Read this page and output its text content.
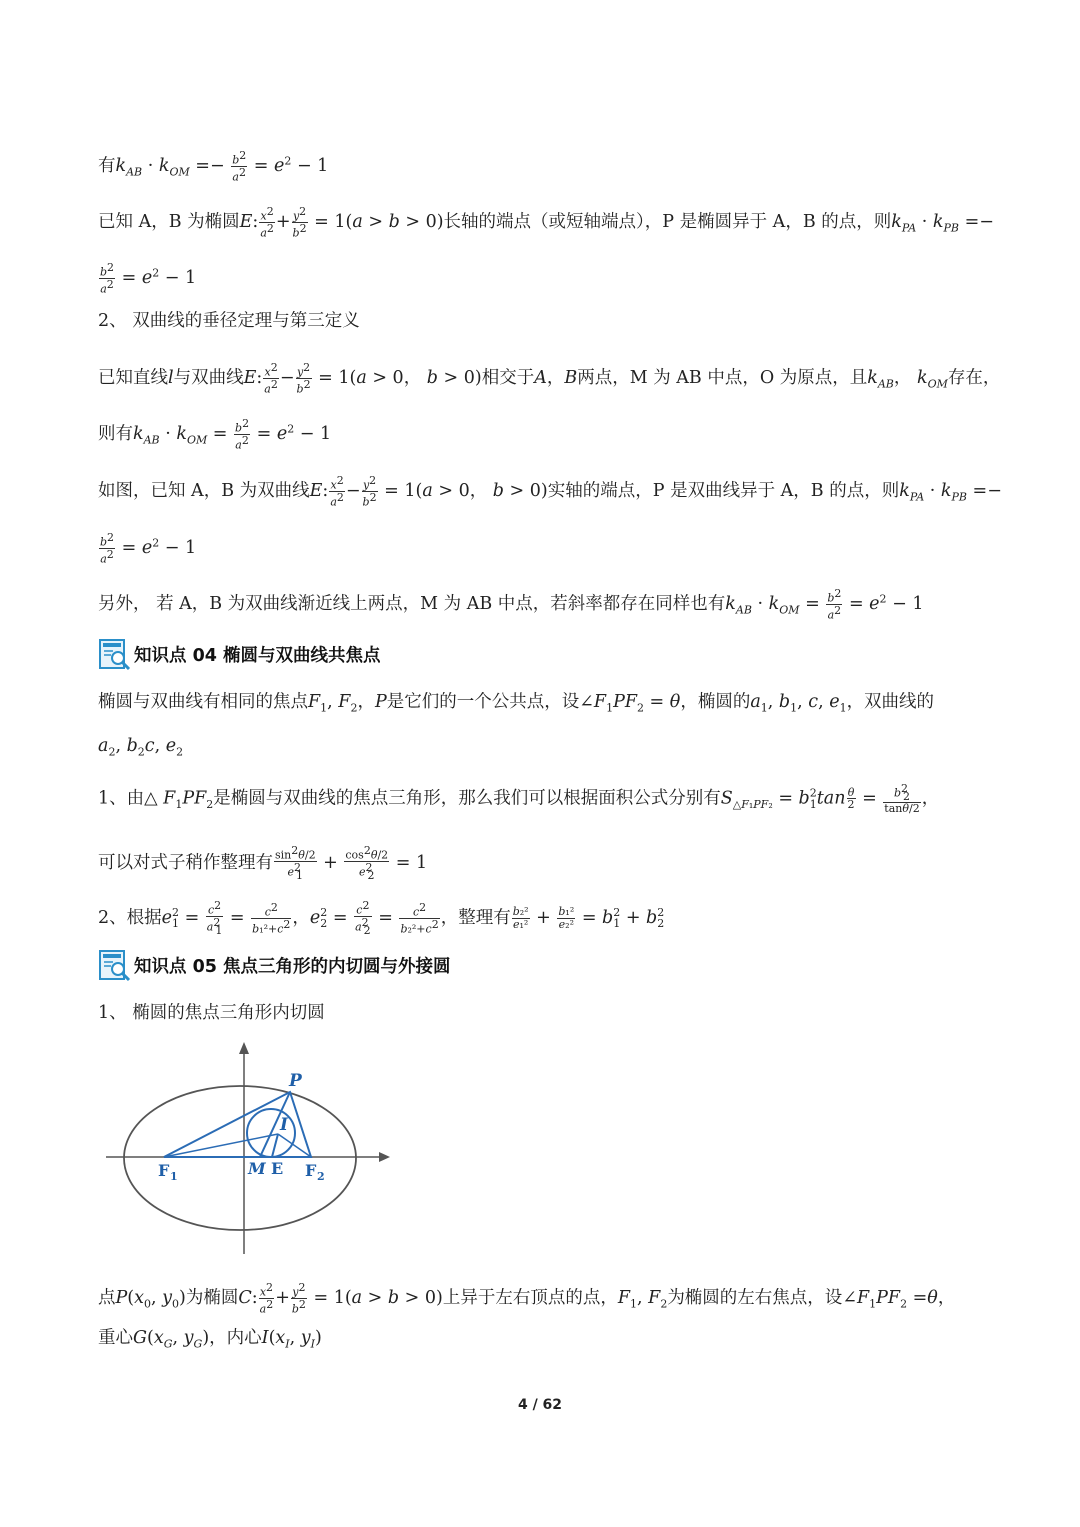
有$k_{AB} \cdot k_{OM} =- \frac{b^2}{a^2} = e^2 - 1$
已知 A，B 为椭圆E: $\frac{x^2}{a^2} + \frac{y^2}{b^2} = 1(a > b > 0)$长轴的端点（或短轴端点），P 是椭圆异于 A，B 的点，则$k_{PA} \cdot k_{PB}$ =−
$\frac{b^2}{a^2} = e^2 - 1$
2、 双曲线的垂径定理与第三定义
已知直线l与双曲线E: $\frac{x^2}{a^2} - \frac{y^2}{b^2} = 1(a > 0$， b > 0)相交于A，B两点，M 为 AB 中点，O 为原点，且$k_{AB}$， $k_{OM}$存在，
则有$k_{AB} \cdot k_{OM} = \frac{b^2}{a^2} = e^2 - 1$
如图，已知 A，B 为双曲线E: $\frac{x^2}{a^2} - \frac{y^2}{b^2} = 1(a > 0$， b > 0)实轴的端点，P 是双曲线异于 A，B 的点，则$k_{PA} \cdot k_{PB}$ =−
$\frac{b^2}{a^2} = e^2 - 1$
另外， 若 A，B 为双曲线渐近线上两点，M 为 AB 中点，若斜率都存在同样也有$k_{AB} \cdot k_{OM} = \frac{b^2}{a^2} = e^2 - 1$
知识点 04 椭圆与双曲线共焦点
椭圆与双曲线有相同的焦点$F_1$, $F_2$，P是它们的一个公共点，设$\angle F_1PF_2 = \theta$，椭圆的$a_1$, $b_1$, c, $e_1$，双曲线的
$a_2$, $b_2c$, $e_2$
1、由△ $F_1PF_2$是椭圆与双曲线的焦点三角形，那么我们可以根据面积公式分别有$S_{\triangle F_1PF_2} = b^2_1\tan \frac{\theta}{2} = \frac{b^2_2}{\tan\theta/2}$ ，
可以对式子稍作整理有 $\frac{\sin^2\theta/2}{e^2_1} + \frac{\cos^2\theta/2}{e^2_2} = 1$
2、根据$e^2_1 = \frac{c^2}{a^2_1} = \frac{c^2}{b_1^2+c^2}$ ，$e^2_2 = \frac{c^2}{a^2_2} = \frac{c^2}{b_2^2+c^2}$ ，整理有 $\frac{\text{b₂²}}{\text{e₁²}} + \frac{\text{b₁²}}{\text{e₂²}} = b^2_1 + b^2_2$
知识点 05 焦点三角形的内切圆与外接圆
1、 椭圆的焦点三角形内切圆
P
I
F 1	M E F 2
点$P(x_0$, $y_0$)为椭圆C: $\frac{x^2}{a^2} + \frac{y^2}{b^2} = 1(a > b > 0)$上异于左右顶点的点，$F_1$, $F_2$为椭圆的左右焦点，设$\angle F_1PF_2 =\theta$，
重心$G(x_G$, $y_G$)，内心$I(x_I$, $y_I$)
4 / 62
